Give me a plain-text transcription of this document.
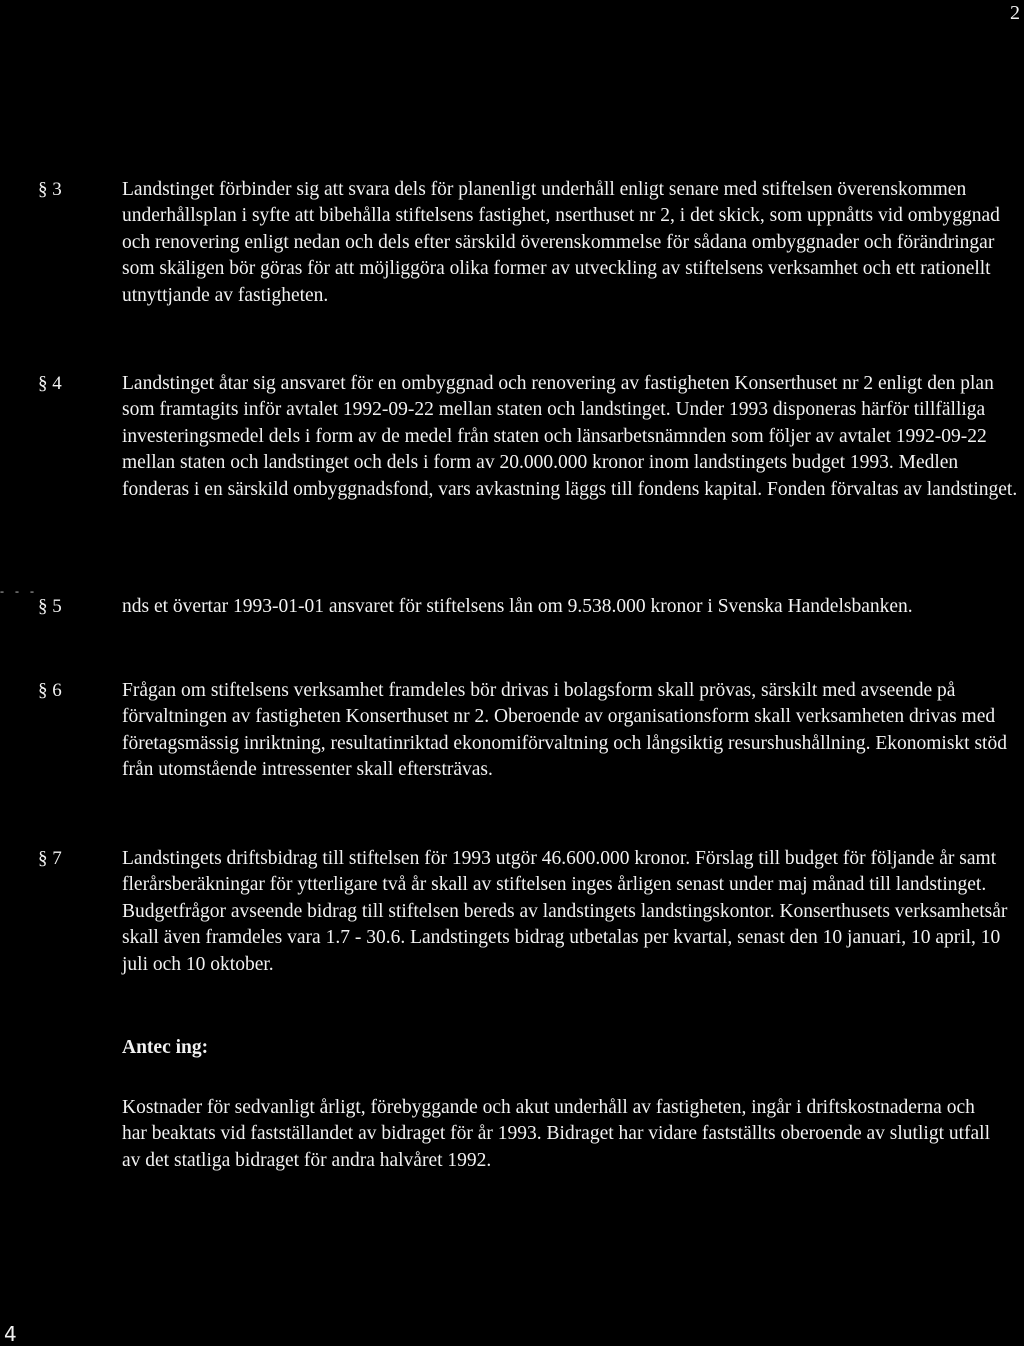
2
§ 3	Landstinget förbinder sig att svara dels för planenligt underhåll enligt senare med stiftelsen överenskommen underhållsplan i syfte att bibehålla stiftelsens fastighet, nserthuset nr 2, i det skick, som uppnåtts vid ombyggnad och renovering enligt nedan och dels efter särskild överenskommelse för sådana ombyggnader och förändringar som skäligen bör göras för att möjliggöra olika former av utveckling av stiftelsens verksamhet och ett rationellt utnyttjande av fastigheten.
§ 4	Landstinget åtar sig ansvaret för en ombyggnad och renovering av fastigheten Konserthuset nr 2 enligt den plan som framtagits inför avtalet 1992-09-22 mellan staten och landstinget. Under 1993 disponeras härför tillfälliga investeringsmedel dels i form av de medel från staten och länsarbetsnämnden som följer av avtalet 1992-09-22 mellan staten och landstinget och dels i form av 20.000.000 kronor inom landstingets budget 1993. Medlen fonderas i en särskild ombyggnadsfond, vars avkastning läggs till fondens kapital. Fonden förvaltas av landstinget.
- - -
§ 5	nds et övertar 1993-01-01 ansvaret för stiftelsens lån om 9.538.000 kronor i Svenska Handelsbanken.
§ 6	Frågan om stiftelsens verksamhet framdeles bör drivas i bolagsform skall prövas, särskilt med avseende på förvaltningen av fastigheten Konserthuset nr 2. Oberoende av organisationsform skall verksamheten drivas med företagsmässig inriktning, resultatinriktad ekonomiförvaltning och långsiktig resurshushållning. Ekonomiskt stöd från utomstående intressenter skall eftersträvas.
§ 7	Landstingets driftsbidrag till stiftelsen för 1993 utgör 46.600.000 kronor. Förslag till budget för följande år samt flerårsberäkningar för ytterligare två år skall av stiftelsen inges årligen senast under maj månad till landstinget. Budgetfrågor avseende bidrag till stiftelsen bereds av landstingets landstingskontor. Konserthusets verksamhetsår skall även framdeles vara 1.7 - 30.6. Landstingets bidrag utbetalas per kvartal, senast den 10 januari, 10 april, 10 juli och 10 oktober.
Antec ing:
Kostnader för sedvanligt årligt, förebyggande och akut underhåll av fastigheten, ingår i driftskostnaderna och har beaktats vid fastställandet av bidraget för år 1993. Bidraget har vidare fastställts oberoende av slutligt utfall av det statliga bidraget för andra halvåret 1992.
4
